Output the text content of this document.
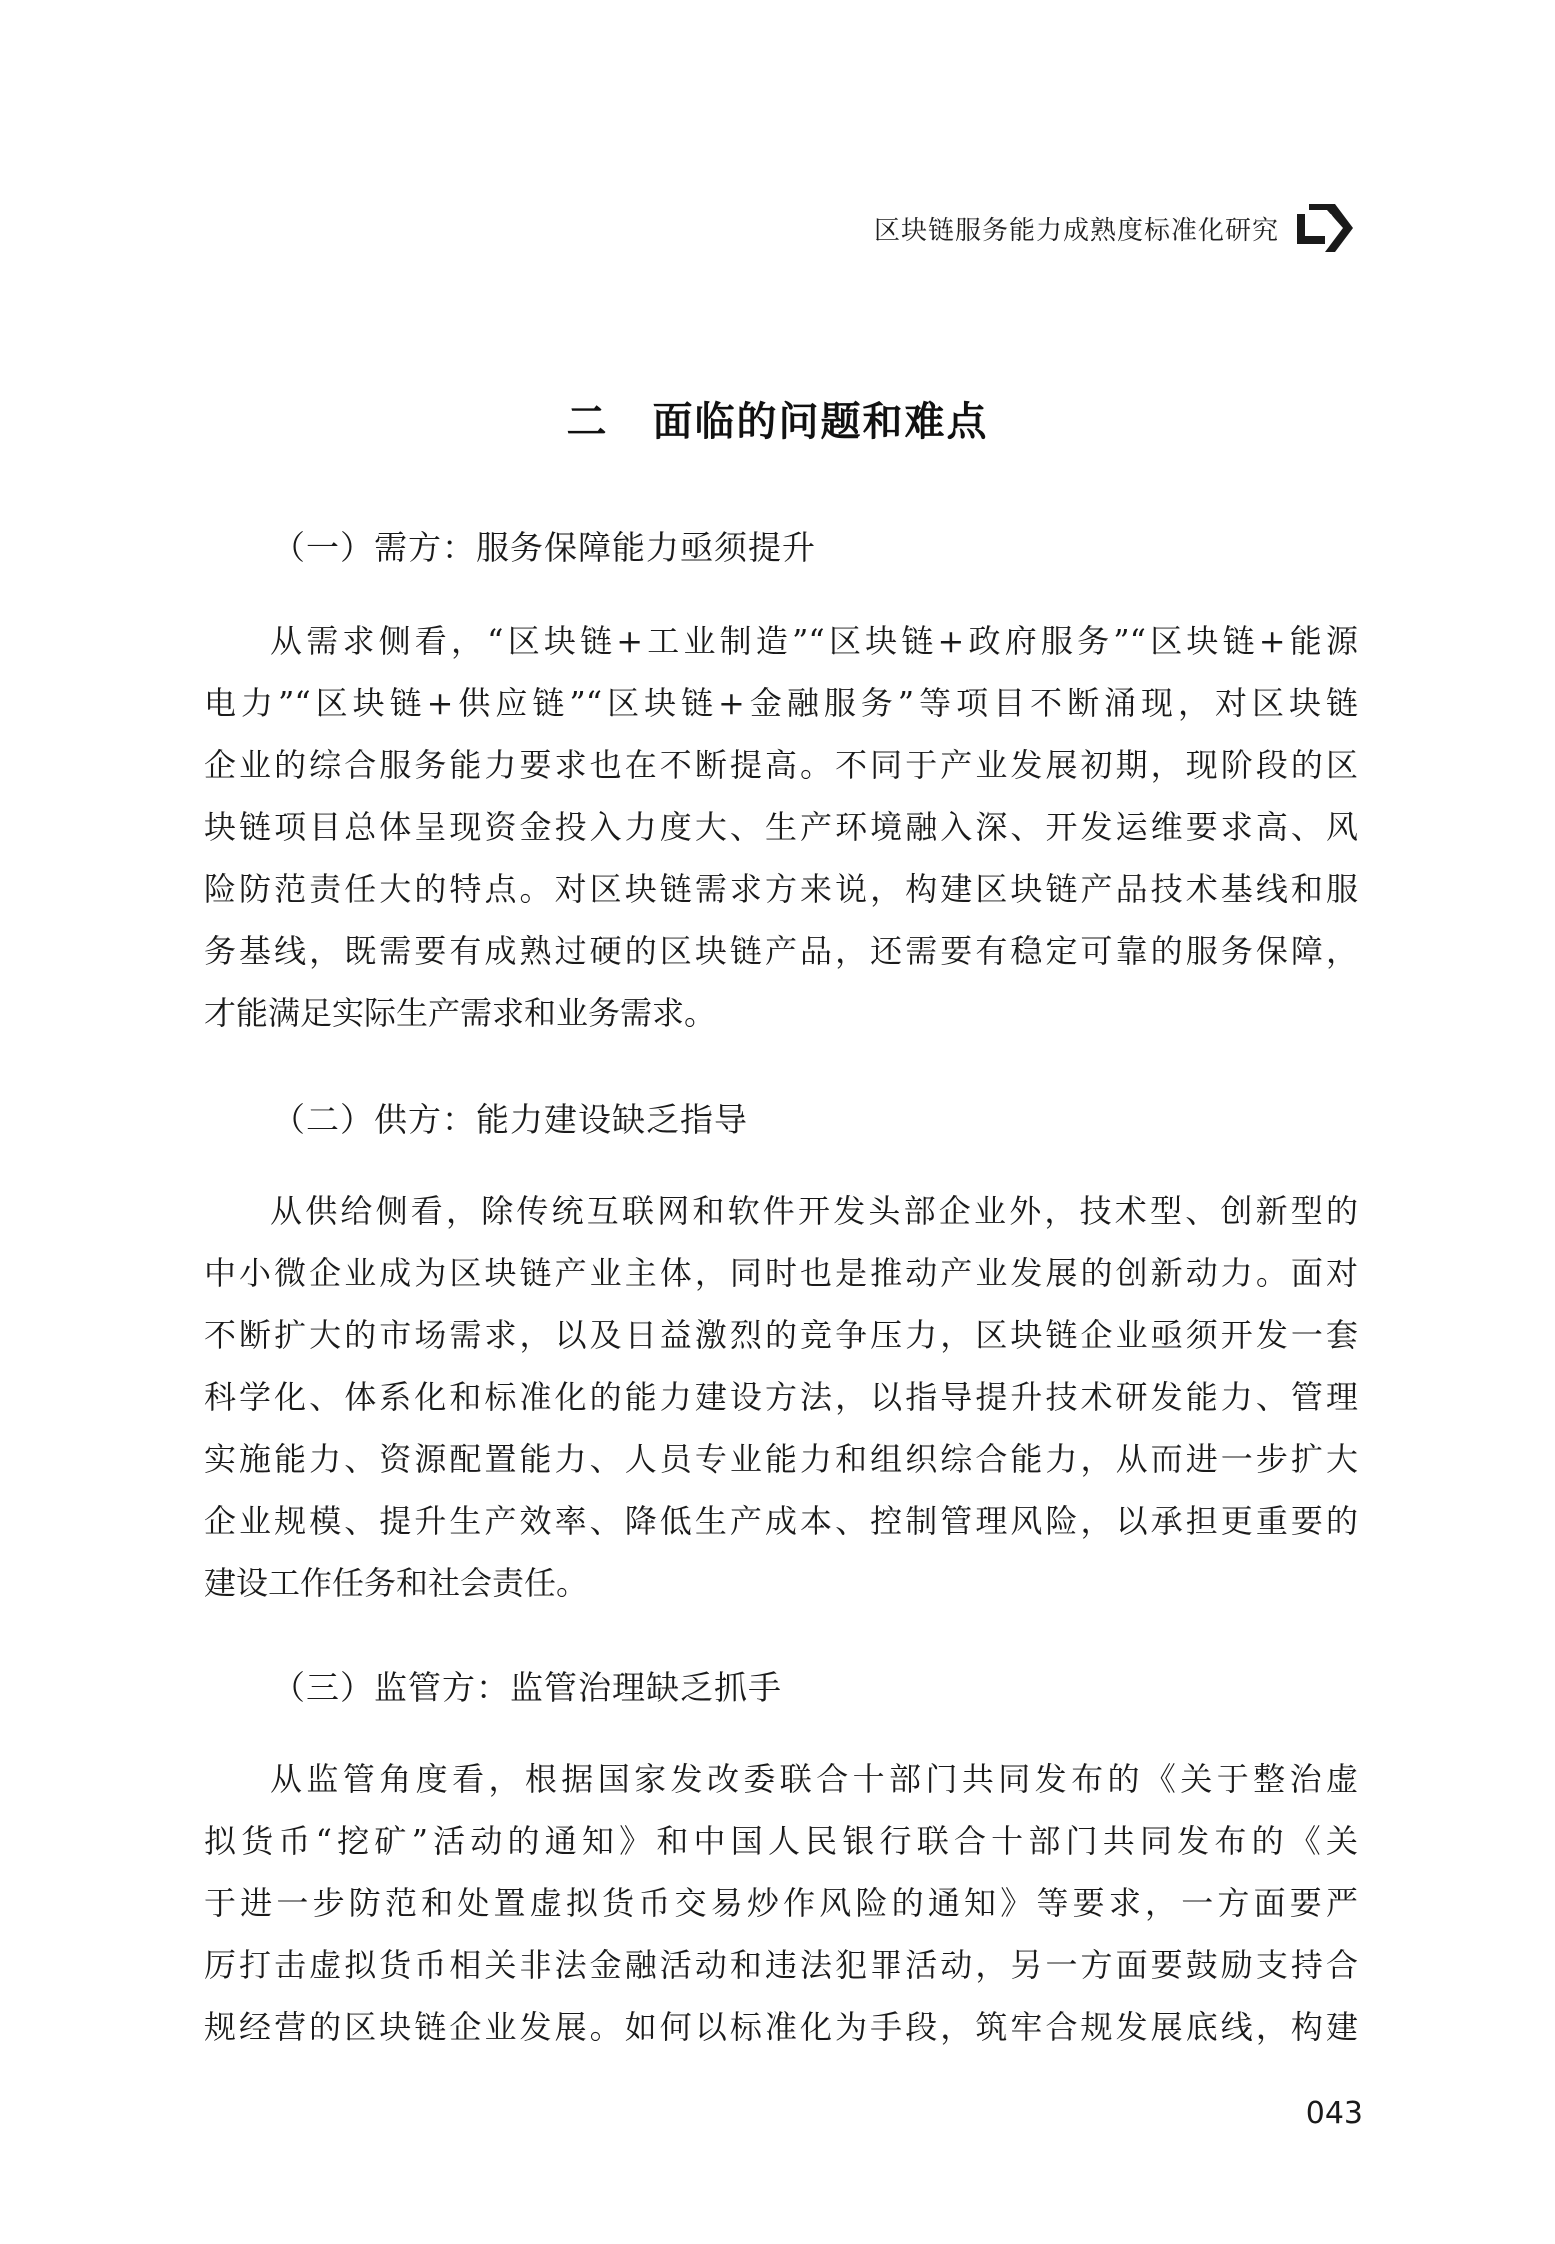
区块链服务能力成熟度标准化研究
二 面临的问题和难点
（一）需方：服务保障能力亟须提升
从需求侧看，“区块链+工业制造”“区块链+政府服务”“区块链+能源
电力”“区块链+供应链”“区块链+金融服务”等项目不断涌现，对区块链
企业的综合服务能力要求也在不断提高。不同于产业发展初期，现阶段的区
块链项目总体呈现资金投入力度大、生产环境融入深、开发运维要求高、风
险防范责任大的特点。对区块链需求方来说，构建区块链产品技术基线和服
务基线，既需要有成熟过硬的区块链产品，还需要有稳定可靠的服务保障，
才能满足实际生产需求和业务需求。
（二）供方：能力建设缺乏指导
从供给侧看，除传统互联网和软件开发头部企业外，技术型、创新型的
中小微企业成为区块链产业主体，同时也是推动产业发展的创新动力。面对
不断扩大的市场需求，以及日益激烈的竞争压力，区块链企业亟须开发一套
科学化、体系化和标准化的能力建设方法，以指导提升技术研发能力、管理
实施能力、资源配置能力、人员专业能力和组织综合能力，从而进一步扩大
企业规模、提升生产效率、降低生产成本、控制管理风险，以承担更重要的
建设工作任务和社会责任。
（三）监管方：监管治理缺乏抓手
从监管角度看，根据国家发改委联合十部门共同发布的《关于整治虚
拟货币“挖矿”活动的通知》和中国人民银行联合十部门共同发布的《关
于进一步防范和处置虚拟货币交易炒作风险的通知》等要求，一方面要严
厉打击虚拟货币相关非法金融活动和违法犯罪活动，另一方面要鼓励支持合
规经营的区块链企业发展。如何以标准化为手段，筑牢合规发展底线，构建
043
